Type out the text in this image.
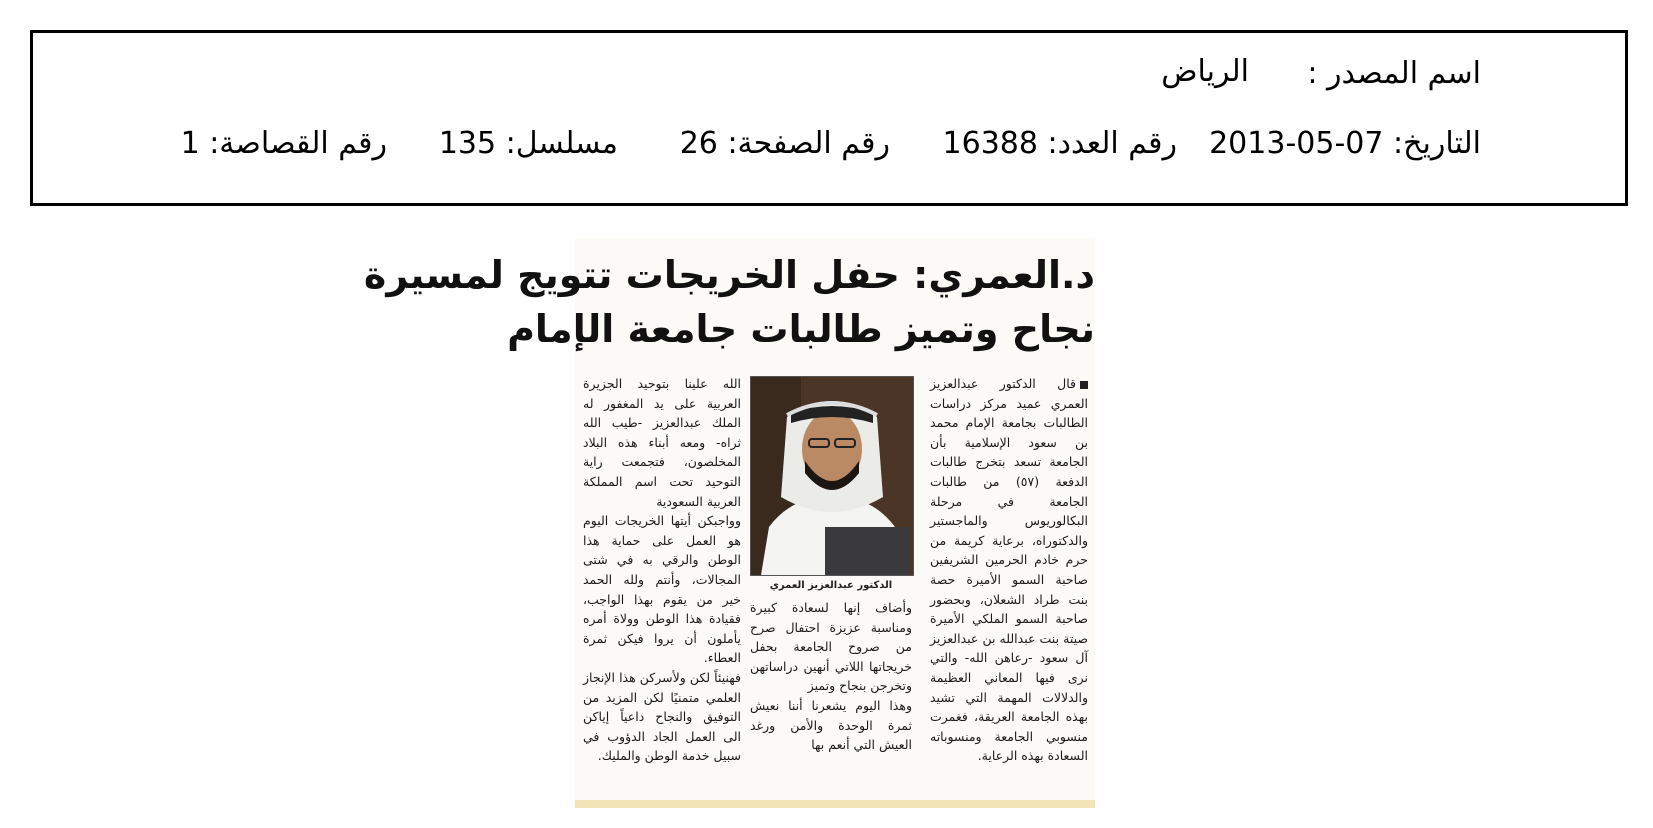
اسم المصدر :
الرياض
التاريخ: 07-05-2013
رقم العدد: 16388
رقم الصفحة: 26
مسلسل: 135
رقم القصاصة: 1
د.العمري: حفل الخريجات تتويج لمسيرة
نجاح وتميز طالبات جامعة الإمام

قال الدكتور عبدالعزيز العمري عميد مركز دراسات الطالبات بجامعة الإمام محمد بن سعود الإسلامية بأن الجامعة تسعد بتخرج طالبات الدفعة (٥٧) من طالبات الجامعة في مرحلة البكالوريوس والماجستير والدكتوراه، برعاية كريمة من حرم خادم الحرمين الشريفين صاحبة السمو الأميرة حصة بنت طراد الشعلان، وبحضور صاحبة السمو الملكي الأميرة صيتة بنت عبدالله بن عبدالعزيز آل سعود -رعاهن الله- والتي نرى فيها المعاني العظيمة والدلالات المهمة التي تشيد بهذه الجامعة العريقة، فغمرت منسوبي الجامعة ومنسوباته السعادة بهذه الرعاية.

الدكتور عبدالعزيز العمري

وأضاف إنها لسعادة كبيرة ومناسبة عزيزة احتفال صرح من صروح الجامعة بحفل خريجاتها اللاتي أنهين دراساتهن وتخرجن بنجاح وتميز

وهذا اليوم يشعرنا أننا نعيش ثمرة الوحدة والأمن ورغد العيش التي أنعم بها

الله علينا بتوحيد الجزيرة العربية على يد المغفور له الملك عبدالعزيز -طيب الله ثراه- ومعه أبناء هذه البلاد المخلصون، فتجمعت راية التوحيد تحت اسم المملكة العربية السعودية

وواجبكن أيتها الخريجات اليوم هو العمل على حماية هذا الوطن والرقي به في شتى المجالات، وأنتم ولله الحمد خير من يقوم بهذا الواجب، فقيادة هذا الوطن وولاة أمره يأملون أن يروا فيكن ثمرة العطاء.

فهنيئاً لكن ولأسركن هذا الإنجاز العلمي متمنيًا لكن المزيد من التوفيق والنجاح داعياً إياكن الى العمل الجاد الدؤوب في سبيل خدمة الوطن والمليك.
